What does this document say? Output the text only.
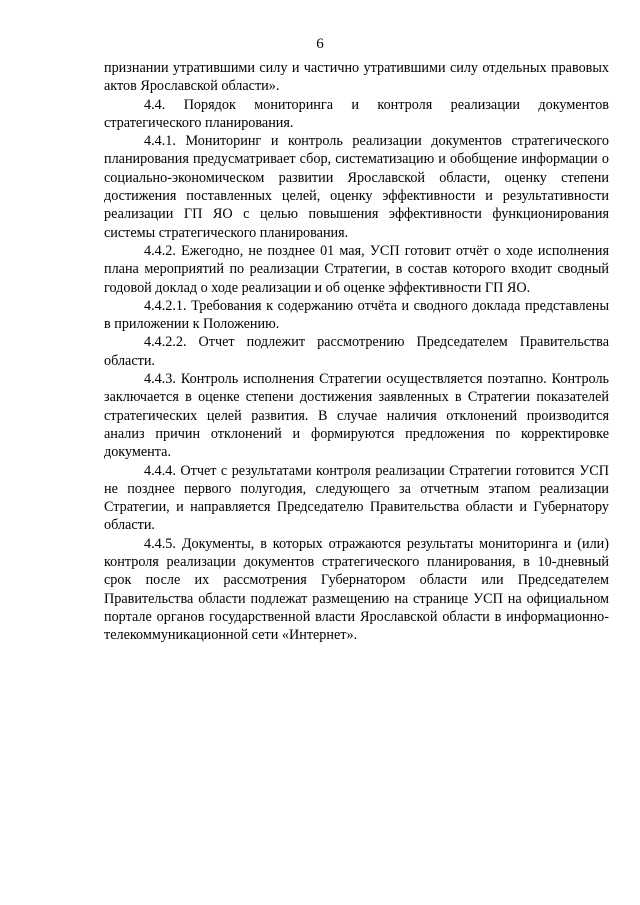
6

признании утратившими силу и частично утратившими силу отдельных правовых актов Ярославской области».

4.4. Порядок мониторинга и контроля реализации документов стратегического планирования.

4.4.1. Мониторинг и контроль реализации документов стратегического планирования предусматривает сбор, систематизацию и обобщение информации о социально-экономическом развитии Ярославской области, оценку степени достижения поставленных целей, оценку эффективности и результативности реализации ГП ЯО с целью повышения эффективности функционирования системы стратегического планирования.

4.4.2. Ежегодно, не позднее 01 мая, УСП готовит отчёт о ходе исполнения плана мероприятий по реализации Стратегии, в состав которого входит сводный годовой доклад о ходе реализации и об оценке эффективности ГП ЯО.

4.4.2.1. Требования к содержанию отчёта и сводного доклада представлены в приложении к Положению.

4.4.2.2. Отчет подлежит рассмотрению Председателем Правительства области.

4.4.3. Контроль исполнения Стратегии осуществляется поэтапно. Контроль заключается в оценке степени достижения заявленных в Стратегии показателей стратегических целей развития. В случае наличия отклонений производится анализ причин отклонений и формируются предложения по корректировке документа.

4.4.4. Отчет с результатами контроля реализации Стратегии готовится УСП не позднее первого полугодия, следующего за отчетным этапом реализации Стратегии, и направляется Председателю Правительства области и Губернатору области.

4.4.5. Документы, в которых отражаются результаты мониторинга и (или) контроля реализации документов стратегического планирования, в 10-дневный срок после их рассмотрения Губернатором области или Председателем Правительства области подлежат размещению на странице УСП на официальном портале органов государственной власти Ярославской области в информационно-телекоммуникационной сети «Интернет».
